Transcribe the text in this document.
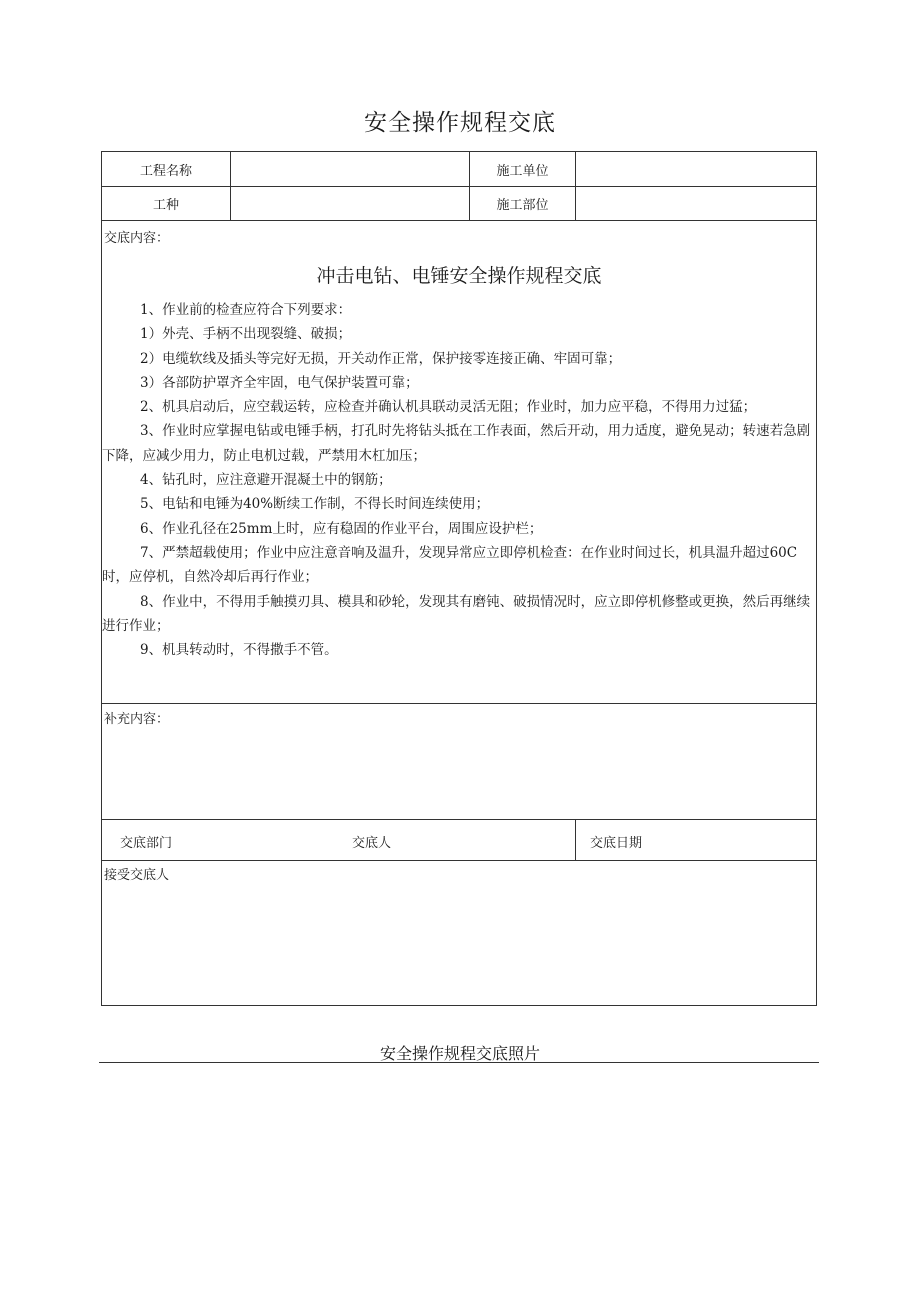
安全操作规程交底
工程名称	施工单位
工种	施工部位
交底内容：
冲击电钻、电锤安全操作规程交底

1、作业前的检查应符合下列要求：

1）外壳、手柄不出现裂缝、破损；

2）电缆软线及插头等完好无损，开关动作正常，保护接零连接正确、牢固可靠；

3）各部防护罩齐全牢固，电气保护装置可靠；

2、机具启动后，应空载运转，应检查并确认机具联动灵活无阻；作业时，加力应平稳，不得用力过猛；

3、作业时应掌握电钻或电锤手柄，打孔时先将钻头抵在工作表面，然后开动，用力适度，避免晃动；转速若急剧下降，应减少用力，防止电机过载，严禁用木杠加压；

4、钻孔时，应注意避开混凝土中的钢筋；

5、电钻和电锤为40%断续工作制，不得长时间连续使用；

6、作业孔径在25mm上时，应有稳固的作业平台，周围应设护栏；

7、严禁超载使用；作业中应注意音响及温升，发现异常应立即停机检查：在作业时间过长，机具温升超过60C时，应停机，自然冷却后再行作业；

8、作业中，不得用手触摸刃具、模具和砂轮，发现其有磨钝、破损情况时，应立即停机修整或更换，然后再继续进行作业；

9、机具转动时，不得撒手不管。

补充内容：
交底部门	交底人	交底日期
接受交底人
安全操作规程交底照片
